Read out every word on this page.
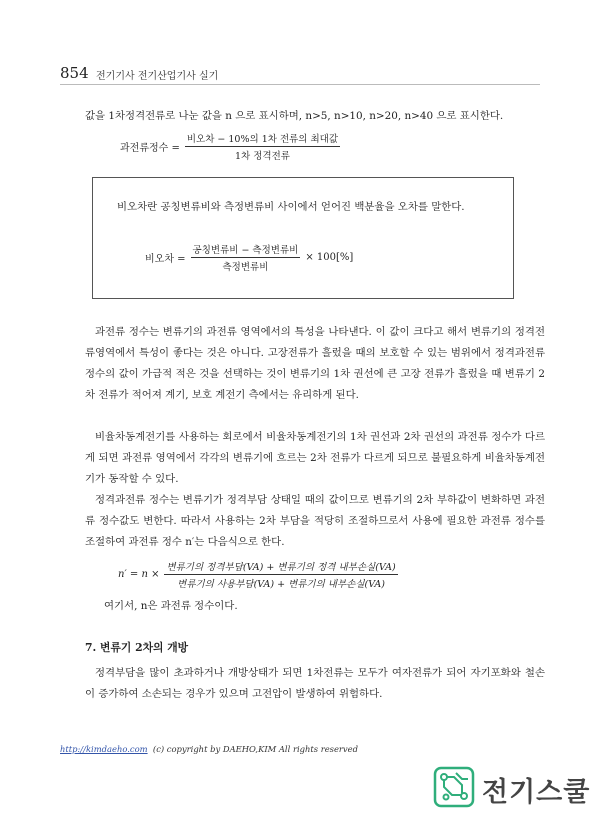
854 전기기사 전기산업기사 실기
값을 1차정격전류로 나눈 값을 n 으로 표시하며, n>5, n>10, n>20, n>40 으로 표시한다.
과전류정수 = $\frac{\text{비오차 − 10\%의 1차 전류의 최대값}}{\text{1차 정격전류}}$
비오차란 공칭변류비와 측정변류비 사이에서 얻어진 백분율을 오차를 말한다.
비오차 = $\frac{\text{공칭변류비 − 측정변류비}}{\text{측정변류비}} \times 100[\%]$
과전류 정수는 변류기의 과전류 영역에서의 특성을 나타낸다. 이 값이 크다고 해서 변류기의 정격전류영역에서 특성이 좋다는 것은 아니다. 고장전류가 흘렀을 때의 보호할 수 있는 범위에서 정격과전류 정수의 값이 가급적 적은 것을 선택하는 것이 변류기의 1차 권선에 큰 고장 전류가 흘렀을 때 변류기 2차 전류가 적어져 계기, 보호 계전기 측에서는 유리하게 된다.
비율차동계전기를 사용하는 회로에서 비율차동계전기의 1차 권선과 2차 권선의 과전류 정수가 다르게 되면 과전류 영역에서 각각의 변류기에 흐르는 2차 전류가 다르게 되므로 불필요하게 비율차동계전기가 동작할 수 있다.
정격과전류 정수는 변류기가 정격부담 상태일 때의 값이므로 변류기의 2차 부하값이 변화하면 과전류 정수값도 변한다. 따라서 사용하는 2차 부담을 적당히 조절하므로서 사용에 필요한 과전류 정수를 조절하여 과전류 정수 n′는 다음식으로 한다.
$n' = n \times \frac{\text{변류기의 정격부담(VA) + 변류기의 정격 내부손실(VA)}}{\text{변류기의 사용부담(VA) + 변류기의 내부손실(VA)}}$
여기서, n은 과전류 정수이다.
7. 변류기 2차의 개방
정격부담을 많이 초과하거나 개방상태가 되면 1차전류는 모두가 여자전류가 되어 자기포화와 철손이 증가하여 소손되는 경우가 있으며 고전압이 발생하여 위험하다.
http://kimdaeho.com (c) copyright by DAEHO,KIM All rights reserved
전기스쿨
